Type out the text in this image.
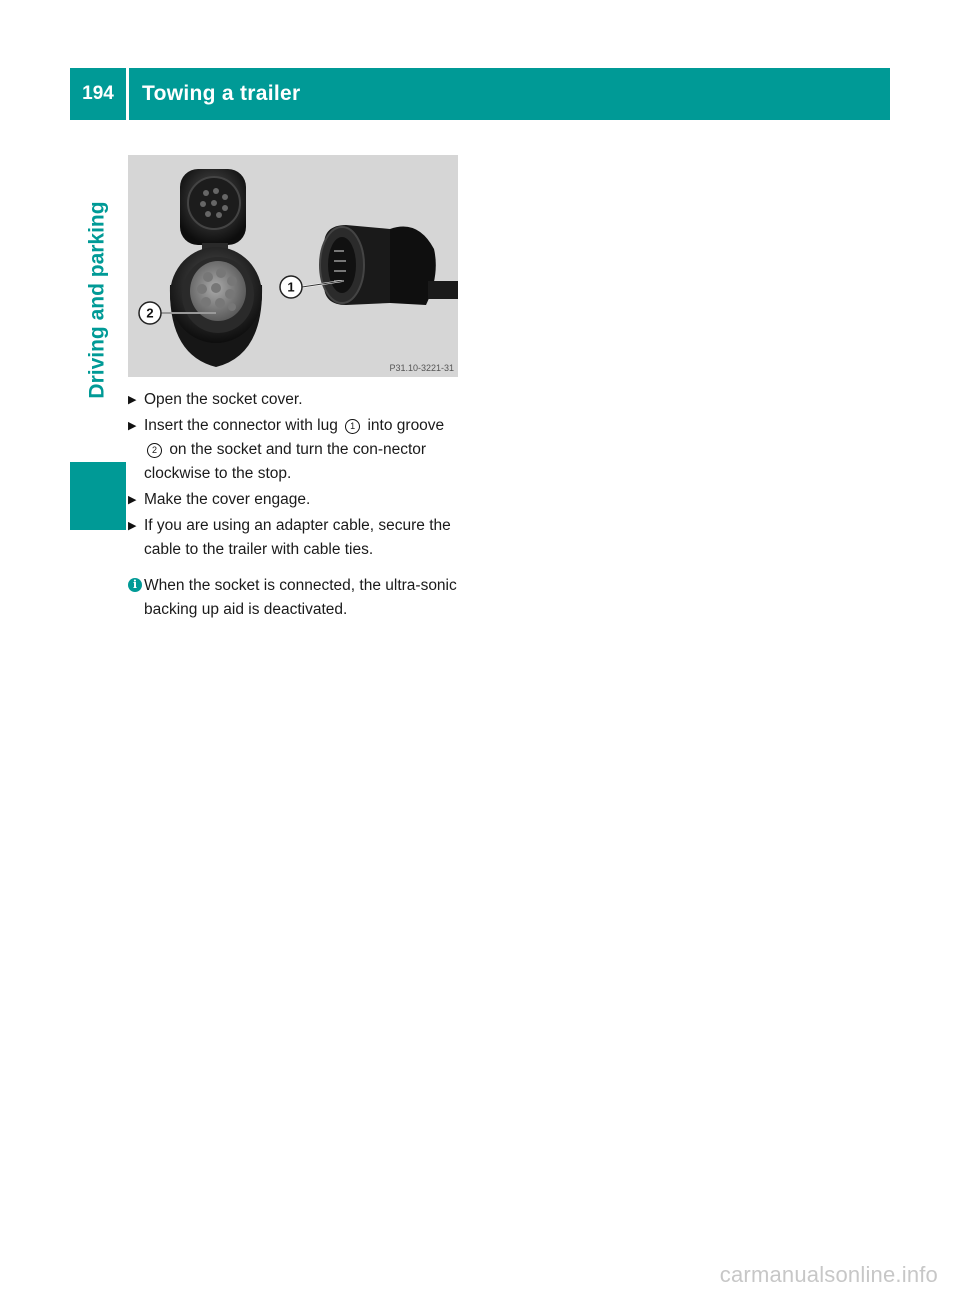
194	Towing a trailer
Driving and parking	1
2
P31.10-3221-31
▶ Open the socket cover.
▶ Insert the connector with lug 1 into groove 2 on the socket and turn the con-nector clockwise to the stop.
▶ Make the cover engage.
▶ If you are using an adapter cable, secure the cable to the trailer with cable ties.
i When the socket is connected, the ultra-sonic backing up aid is deactivated.
carmanualsonline.info
